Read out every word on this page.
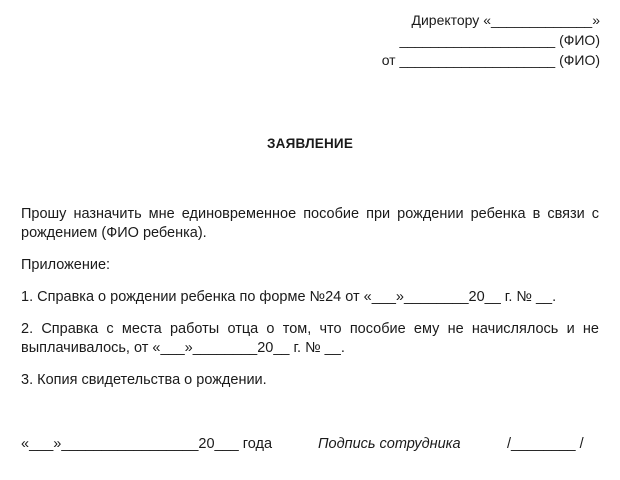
Директору «_____________»
____________________ (ФИО)
от ____________________ (ФИО)
ЗАЯВЛЕНИЕ
Прошу назначить мне единовременное пособие при рождении ребенка в связи с рождением (ФИО ребенка).
Приложение:
1. Справка о рождении ребенка по форме №24 от «___»________20__ г. № __.
2. Справка с места работы отца о том, что пособие ему не начислялось и не выплачивалось, от «___»________20__ г. № __.
3. Копия свидетельства о рождении.
«___»_________________20___ года	Подпись сотрудника	/________ /
